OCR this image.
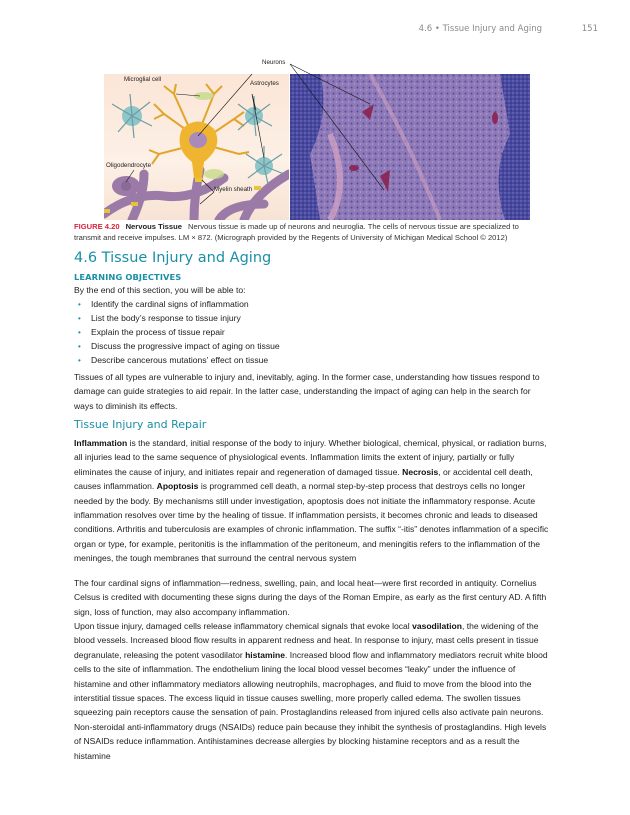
4.6 • Tissue Injury and Aging	151
Neurons
Microglial cell
Astrocytes
Oligodendrocyte
Myelin sheath
FIGURE 4.20 Nervous Tissue Nervous tissue is made up of neurons and neuroglia. The cells of nervous tissue are specialized to transmit and receive impulses. LM × 872. (Micrograph provided by the Regents of University of Michigan Medical School © 2012)
4.6 Tissue Injury and Aging
LEARNING OBJECTIVES
By the end of this section, you will be able to:
• Identify the cardinal signs of inflammation
• List the body’s response to tissue injury
• Explain the process of tissue repair
• Discuss the progressive impact of aging on tissue
• Describe cancerous mutations’ effect on tissue

Tissues of all types are vulnerable to injury and, inevitably, aging. In the former case, understanding how tissues respond to damage can guide strategies to aid repair. In the latter case, understanding the impact of aging can help in the search for ways to diminish its effects.

Tissue Injury and Repair

Inflammation is the standard, initial response of the body to injury. Whether biological, chemical, physical, or radiation burns, all injuries lead to the same sequence of physiological events. Inflammation limits the extent of injury, partially or fully eliminates the cause of injury, and initiates repair and regeneration of damaged tissue. Necrosis, or accidental cell death, causes inflammation. Apoptosis is programmed cell death, a normal step-by-step process that destroys cells no longer needed by the body. By mechanisms still under investigation, apoptosis does not initiate the inflammatory response. Acute inflammation resolves over time by the healing of tissue. If inflammation persists, it becomes chronic and leads to diseased conditions. Arthritis and tuberculosis are examples of chronic inflammation. The suffix “-itis” denotes inflammation of a specific organ or type, for example, peritonitis is the inflammation of the peritoneum, and meningitis refers to the inflammation of the meninges, the tough membranes that surround the central nervous system

The four cardinal signs of inflammation—redness, swelling, pain, and local heat—were first recorded in antiquity. Cornelius Celsus is credited with documenting these signs during the days of the Roman Empire, as early as the first century AD. A fifth sign, loss of function, may also accompany inflammation.

Upon tissue injury, damaged cells release inflammatory chemical signals that evoke local vasodilation, the widening of the blood vessels. Increased blood flow results in apparent redness and heat. In response to injury, mast cells present in tissue degranulate, releasing the potent vasodilator histamine. Increased blood flow and inflammatory mediators recruit white blood cells to the site of inflammation. The endothelium lining the local blood vessel becomes “leaky” under the influence of histamine and other inflammatory mediators allowing neutrophils, macrophages, and fluid to move from the blood into the interstitial tissue spaces. The excess liquid in tissue causes swelling, more properly called edema. The swollen tissues squeezing pain receptors cause the sensation of pain. Prostaglandins released from injured cells also activate pain neurons. Non-steroidal anti-inflammatory drugs (NSAIDs) reduce pain because they inhibit the synthesis of prostaglandins. High levels of NSAIDs reduce inflammation. Antihistamines decrease allergies by blocking histamine receptors and as a result the histamine
